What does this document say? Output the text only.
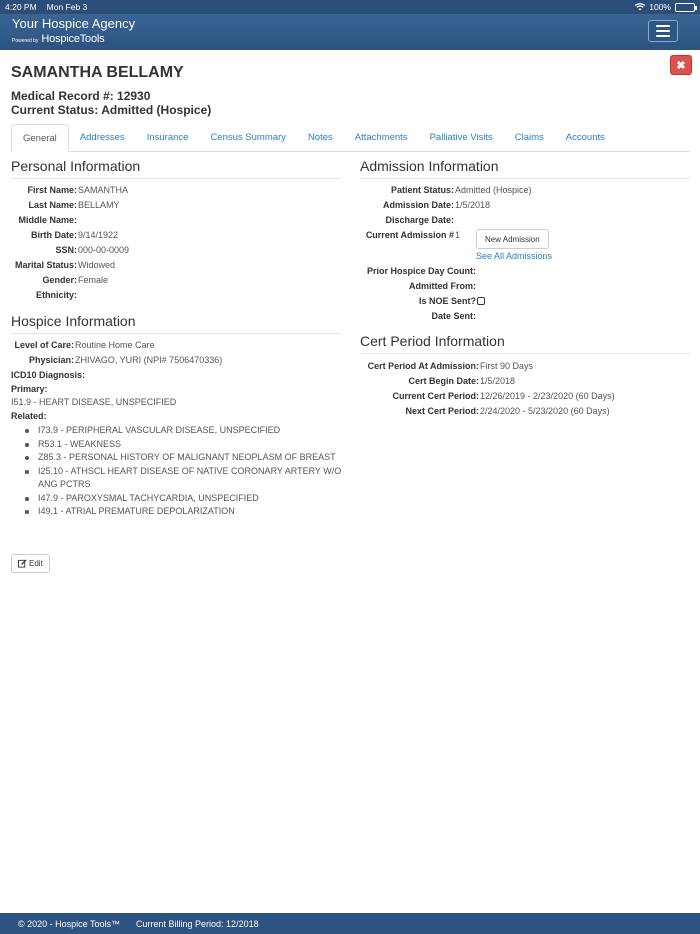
4:20 PM Mon Feb 3	100%
Your Hospice Agency
Powered by HospiceTools
✖
SAMANTHA BELLAMY
Medical Record #: 12930
Current Status: Admitted (Hospice)
General	Addresses	Insurance	Census Summary	Notes	Attachments	Palliative Visits	Claims	Accounts
Personal Information
First Name: SAMANTHA
Last Name: BELLAMY
Middle Name:
Birth Date: 9/14/1922
SSN: 000-00-0009
Marital Status: Widowed
Gender: Female
Ethnicity:
Hospice Information
Level of Care: Routine Home Care
Physician: ZHIVAGO, YURI (NPI# 7506470336)
ICD10 Diagnosis:
Primary:
I51.9 - HEART DISEASE, UNSPECIFIED
Related:
I73.9 - PERIPHERAL VASCULAR DISEASE, UNSPECIFIED
R53.1 - WEAKNESS
Z85.3 - PERSONAL HISTORY OF MALIGNANT NEOPLASM OF BREAST
I25.10 - ATHSCL HEART DISEASE OF NATIVE CORONARY ARTERY W/O ANG PCTRS
I47.9 - PAROXYSMAL TACHYCARDIA, UNSPECIFIED
I49.1 - ATRIAL PREMATURE DEPOLARIZATION
Edit
Admission Information
Patient Status: Admitted (Hospice)
Admission Date: 1/5/2018
Discharge Date:
Current Admission # 1	New Admission
See All Admissions
Prior Hospice Day Count:
Admitted From:
Is NOE Sent?
Date Sent:
Cert Period Information
Cert Period At Admission: First 90 Days
Cert Begin Date: 1/5/2018
Current Cert Period: 12/26/2019 - 2/23/2020 (60 Days)
Next Cert Period: 2/24/2020 - 5/23/2020 (60 Days)
© 2020 - Hospice Tools™ Current Billing Period: 12/2018
